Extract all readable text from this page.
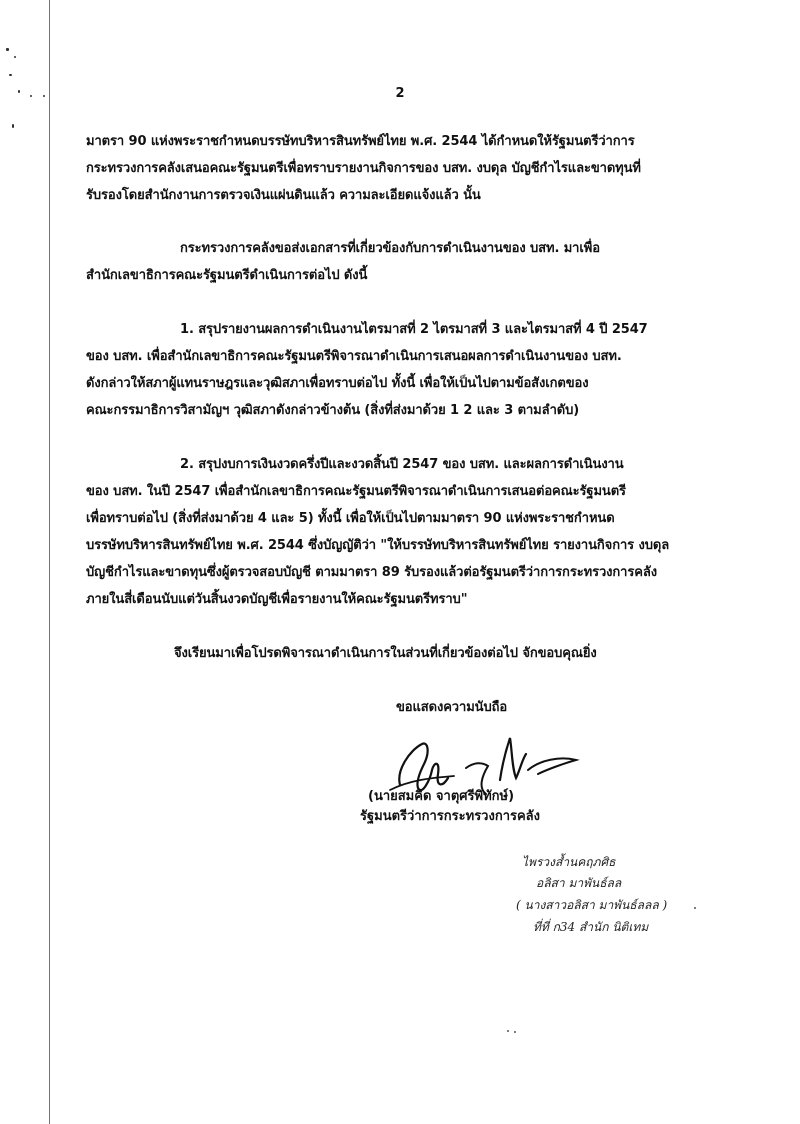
2
มาตรา 90 แห่งพระราชกำหนดบรรษัทบริหารสินทรัพย์ไทย พ.ศ. 2544 ได้กำหนดให้รัฐมนตรีว่าการ
กระทรวงการคลังเสนอคณะรัฐมนตรีเพื่อทราบรายงานกิจการของ บสท. งบดุล บัญชีกำไรและขาดทุนที่
รับรองโดยสำนักงานการตรวจเงินแผ่นดินแล้ว ความละเอียดแจ้งแล้ว นั้น
กระทรวงการคลังขอส่งเอกสารที่เกี่ยวข้องกับการดำเนินงานของ บสท. มาเพื่อ
สำนักเลขาธิการคณะรัฐมนตรีดำเนินการต่อไป ดังนี้
1. สรุปรายงานผลการดำเนินงานไตรมาสที่ 2 ไตรมาสที่ 3 และไตรมาสที่ 4 ปี 2547
ของ บสท. เพื่อสำนักเลขาธิการคณะรัฐมนตรีพิจารณาดำเนินการเสนอผลการดำเนินงานของ บสท.
ดังกล่าวให้สภาผู้แทนราษฎรและวุฒิสภาเพื่อทราบต่อไป ทั้งนี้ เพื่อให้เป็นไปตามข้อสังเกตของ
คณะกรรมาธิการวิสามัญฯ วุฒิสภาดังกล่าวข้างต้น (สิ่งที่ส่งมาด้วย 1 2 และ 3 ตามลำดับ)
2. สรุปงบการเงินงวดครึ่งปีและงวดสิ้นปี 2547 ของ บสท. และผลการดำเนินงาน
ของ บสท. ในปี 2547 เพื่อสำนักเลขาธิการคณะรัฐมนตรีพิจารณาดำเนินการเสนอต่อคณะรัฐมนตรี
เพื่อทราบต่อไป (สิ่งที่ส่งมาด้วย 4 และ 5) ทั้งนี้ เพื่อให้เป็นไปตามมาตรา 90 แห่งพระราชกำหนด
บรรษัทบริหารสินทรัพย์ไทย พ.ศ. 2544 ซึ่งบัญญัติว่า "ให้บรรษัทบริหารสินทรัพย์ไทย รายงานกิจการ งบดุล
บัญชีกำไรและขาดทุนซึ่งผู้ตรวจสอบบัญชี ตามมาตรา 89 รับรองแล้วต่อรัฐมนตรีว่าการกระทรวงการคลัง
ภายในสี่เดือนนับแต่วันสิ้นงวดบัญชีเพื่อรายงานให้คณะรัฐมนตรีทราบ"
จึงเรียนมาเพื่อโปรดพิจารณาดำเนินการในส่วนที่เกี่ยวข้องต่อไป จักขอบคุณยิ่ง
ขอแสดงความนับถือ
(นายสมคิด จาตุศรีพิทักษ์)
รัฐมนตรีว่าการกระทรวงการคลัง
ไพรวงส้ำนคฤภศิธ
อลิสา มาพันธ์ลล
( นางสาวอลิสา มาพันธ์ลลล )
ที่ที่ ก34 สำนัก นิติเทม
